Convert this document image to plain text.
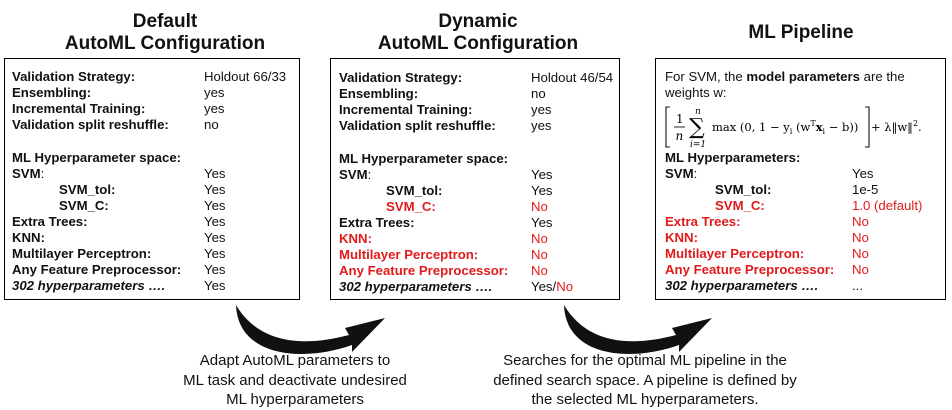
Default
AutoML Configuration
Dynamic
AutoML Configuration
ML Pipeline
Validation Strategy:	Holdout 66/33
Ensembling:	yes
Incremental Training:	yes
Validation split reshuffle:	no
ML Hyperparameter space:
SVM:	Yes
SVM_tol:	Yes
SVM_C:	Yes
Extra Trees:	Yes
KNN:	Yes
Multilayer Perceptron:	Yes
Any Feature Preprocessor: Yes
302 hyperparameters ….	Yes
Validation Strategy:	Holdout 46/54
Ensembling:	no
Incremental Training:	yes
Validation split reshuffle:	yes
ML Hyperparameter space:
SVM:	Yes
SVM_tol:	Yes
SVM_C:	No
Extra Trees:	Yes
KNN:	No
Multilayer Perceptron:	No
Any Feature Preprocessor: No
302 hyperparameters ….	Yes/No
For SVM, the model parameters are the
weights w:
1
n
n
∑
i=1
max (0, $1 - y_i$ $(w^Tx_i - b)$) + λ‖w‖$^2$.
ML Hyperparameters:
SVM:	Yes
SVM_tol:	1e-5
SVM_C:	1.0 (default)
Extra Trees:	No
KNN:	No
Multilayer Perceptron:	No
Any Feature Preprocessor: No
302 hyperparameters ….	...
Adapt AutoML parameters to
ML task and deactivate undesired
ML hyperparameters
Searches for the optimal ML pipeline in the
defined search space. A pipeline is defined by
the selected ML hyperparameters.
